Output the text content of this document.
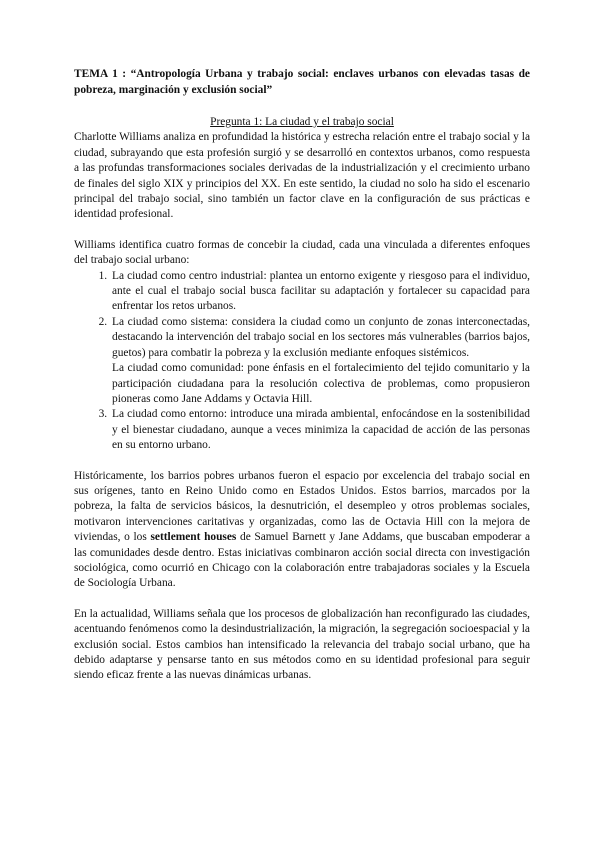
TEMA 1 : “Antropología Urbana y trabajo social: enclaves urbanos con elevadas tasas de pobreza, marginación y exclusión social”

Pregunta 1: La ciudad y el trabajo social

Charlotte Williams analiza en profundidad la histórica y estrecha relación entre el trabajo social y la ciudad, subrayando que esta profesión surgió y se desarrolló en contextos urbanos, como respuesta a las profundas transformaciones sociales derivadas de la industrialización y el crecimiento urbano de finales del siglo XIX y principios del XX. En este sentido, la ciudad no solo ha sido el escenario principal del trabajo social, sino también un factor clave en la configuración de sus prácticas e identidad profesional.

Williams identifica cuatro formas de concebir la ciudad, cada una vinculada a diferentes enfoques del trabajo social urbano:

1. La ciudad como centro industrial: plantea un entorno exigente y riesgoso para el individuo, ante el cual el trabajo social busca facilitar su adaptación y fortalecer su capacidad para enfrentar los retos urbanos.
2. La ciudad como sistema: considera la ciudad como un conjunto de zonas interconectadas, destacando la intervención del trabajo social en los sectores más vulnerables (barrios bajos, guetos) para combatir la pobreza y la exclusión mediante enfoques sistémicos.

La ciudad como comunidad: pone énfasis en el fortalecimiento del tejido comunitario y la participación ciudadana para la resolución colectiva de problemas, como propusieron pioneras como Jane Addams y Octavia Hill.

3. La ciudad como entorno: introduce una mirada ambiental, enfocándose en la sostenibilidad y el bienestar ciudadano, aunque a veces minimiza la capacidad de acción de las personas en su entorno urbano.

Históricamente, los barrios pobres urbanos fueron el espacio por excelencia del trabajo social en sus orígenes, tanto en Reino Unido como en Estados Unidos. Estos barrios, marcados por la pobreza, la falta de servicios básicos, la desnutrición, el desempleo y otros problemas sociales, motivaron intervenciones caritativas y organizadas, como las de Octavia Hill con la mejora de viviendas, o los settlement houses de Samuel Barnett y Jane Addams, que buscaban empoderar a las comunidades desde dentro. Estas iniciativas combinaron acción social directa con investigación sociológica, como ocurrió en Chicago con la colaboración entre trabajadoras sociales y la Escuela de Sociología Urbana.

En la actualidad, Williams señala que los procesos de globalización han reconfigurado las ciudades, acentuando fenómenos como la desindustrialización, la migración, la segregación socioespacial y la exclusión social. Estos cambios han intensificado la relevancia del trabajo social urbano, que ha debido adaptarse y pensarse tanto en sus métodos como en su identidad profesional para seguir siendo eficaz frente a las nuevas dinámicas urbanas.
